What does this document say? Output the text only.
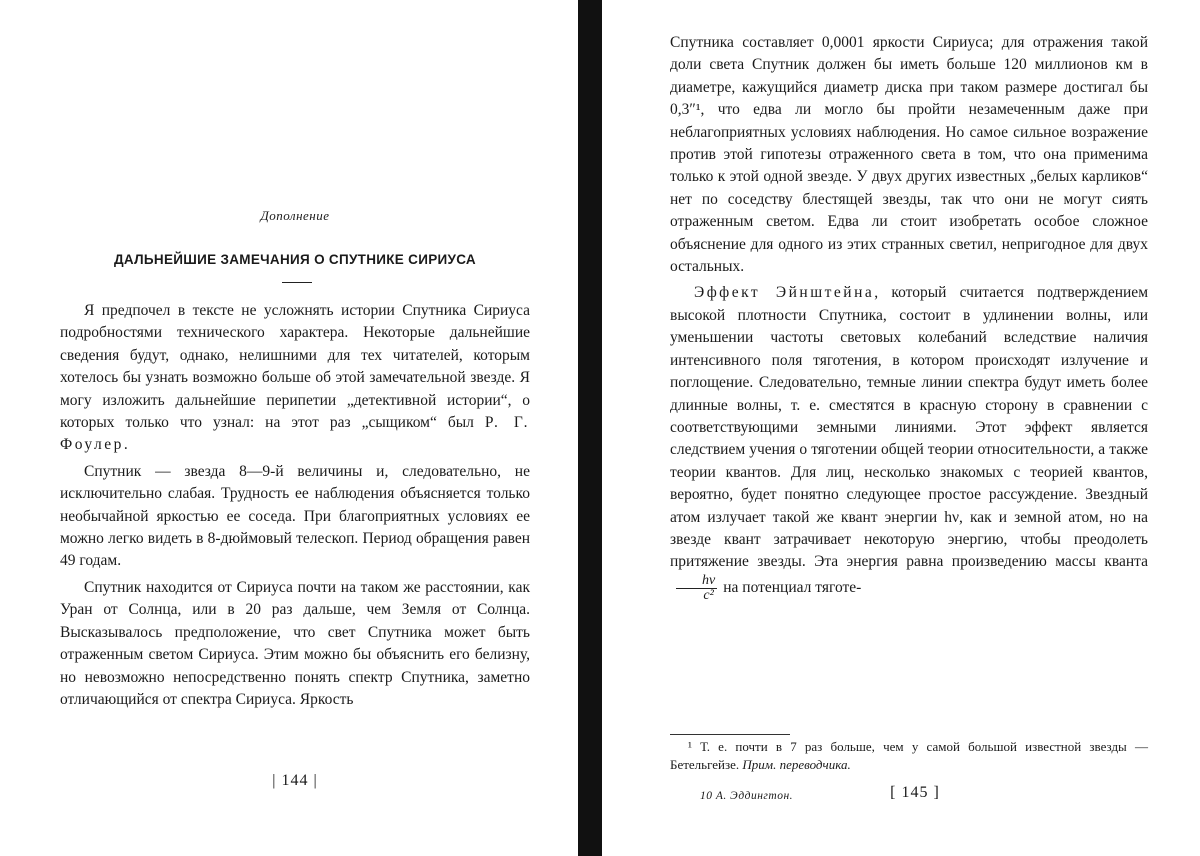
Дополнение
ДАЛЬНЕЙШИЕ ЗАМЕЧАНИЯ О СПУТНИКЕ СИРИУСА

Я предпочел в тексте не усложнять истории Спутника Сириуса подробностями технического характера. Некоторые дальнейшие сведения будут, однако, нелишними для тех читателей, которым хотелось бы узнать возможно больше об этой замечательной звезде. Я могу изложить дальнейшие перипетии „детективной истории“, о которых только что узнал: на этот раз „сыщиком“ был Р. Г. Фоулер.

Спутник — звезда 8—9-й величины и, следовательно, не исключительно слабая. Трудность ее наблюдения объясняется только необычайной яркостью ее соседа. При благоприятных условиях ее можно легко видеть в 8-дюймовый телескоп. Период обращения равен 49 годам.

Спутник находится от Сириуса почти на таком же расстоянии, как Уран от Солнца, или в 20 раз дальше, чем Земля от Солнца. Высказывалось предположение, что свет Спутника может быть отраженным светом Сириуса. Этим можно бы объяснить его белизну, но невозможно непосредственно понять спектр Спутника, заметно отличающийся от спектра Сириуса. Яркость

| 144 |

Спутника составляет 0,0001 яркости Сириуса; для отражения такой доли света Спутник должен бы иметь больше 120 миллионов км в диаметре, кажущийся диаметр диска при таком размере достигал бы 0,3″¹, что едва ли могло бы пройти незамеченным даже при неблагоприятных условиях наблюдения. Но самое сильное возражение против этой гипотезы отраженного света в том, что она применима только к этой одной звезде. У двух других известных „белых карликов“ нет по соседству блестящей звезды, так что они не могут сиять отраженным светом. Едва ли стоит изобретать особое сложное объяснение для одного из этих странных светил, непригодное для двух остальных.

Эффект Эйнштейна, который считается подтверждением высокой плотности Спутника, состоит в удлинении волны, или уменьшении частоты световых колебаний вследствие наличия интенсивного поля тяготения, в котором происходят излучение и поглощение. Следовательно, темные линии спектра будут иметь более длинные волны, т. е. сместятся в красную сторону в сравнении с соответствующими земными линиями. Этот эффект является следствием учения о тяготении общей теории относительности, а также теории квантов. Для лиц, несколько знакомых с теорией квантов, вероятно, будет понятно следующее простое рассуждение. Звездный атом излучает такой же квант энергии hν, как и земной атом, но на звезде квант затрачивает некоторую энергию, чтобы преодолеть притяжение звезды. Эта энергия равна произведению массы кванта
$\frac{h\nu}{\text{c²}}$ на потенциал тяготе-

¹ Т. е. почти в 7 раз больше, чем у самой большой известной звезды — Бетельгейзе. Прим. переводчика.
10 А. Эддингтон.	[ 145 ]
